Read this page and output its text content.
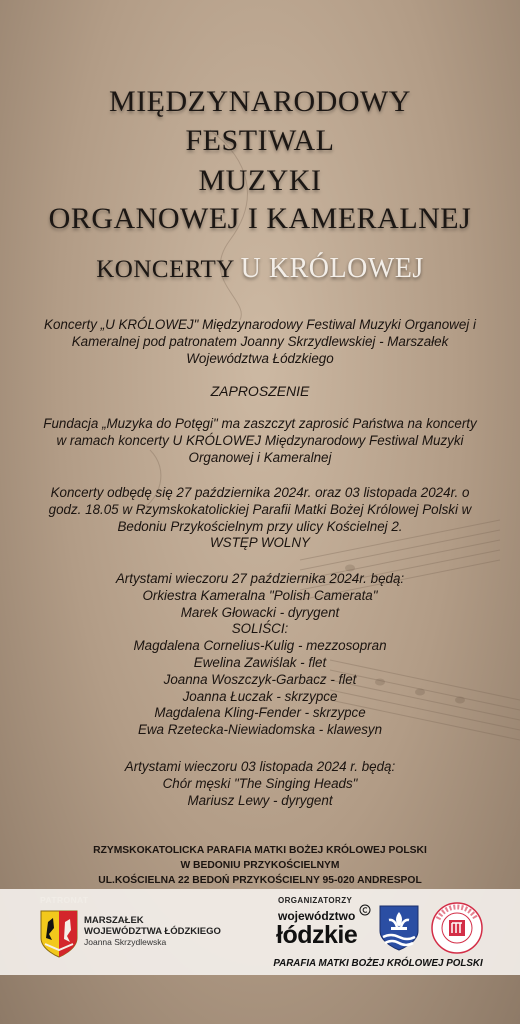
MIĘDZYNARODOWY
FESTIWAL
MUZYKI
ORGANOWEJ I KAMERALNEJ
KONCERTY U KRÓLOWEJ
Koncerty „U KRÓLOWEJ" Międzynarodowy Festiwal Muzyki Organowej i
Kameralnej pod patronatem Joanny Skrzydlewskiej - Marszałek
Województwa Łódzkiego
ZAPROSZENIE
Fundacja „Muzyka do Potęgi" ma zaszczyt zaprosić Państwa na koncerty
w ramach koncerty U KRÓLOWEJ Międzynarodowy Festiwal Muzyki
Organowej i Kameralnej
Koncerty odbędę się 27 października 2024r. oraz 03 listopada 2024r. o
godz. 18.05 w Rzymskokatolickiej Parafii Matki Bożej Królowej Polski w
Bedoniu Przykościelnym przy ulicy Kościelnej 2.
WSTĘP WOLNY
Artystami wieczoru 27 października 2024r. będą:
Orkiestra Kameralna "Polish Camerata"
Marek Głowacki - dyrygent
SOLIŚCI:
Magdalena Cornelius-Kulig - mezzosopran
Ewelina Zawiślak - flet
Joanna Woszczyk-Garbacz - flet
Joanna Łuczak - skrzypce
Magdalena Kling-Fender - skrzypce
Ewa Rzetecka-Niewiadomska - klawesyn
Artystami wieczoru 03 listopada 2024 r. będą:
Chór męski "The Singing Heads"
Mariusz Lewy - dyrygent
RZYMSKOKATOLICKA PARAFIA MATKI BOŻEJ KRÓLOWEJ POLSKI
W BEDONIU PRZYKOŚCIELNYM
UL.KOŚCIELNA 22 BEDOŃ PRZYKOŚCIELNY 95-020 ANDRESPOL
PATRONAT
MARSZAŁEK
WOJEWÓDZTWA ŁÓDZKIEGO
Joanna Skrzydlewska
ORGANIZATORZY
województwo
łódzkie
PARAFIA MATKI BOŻEJ KRÓLOWEJ POLSKI
